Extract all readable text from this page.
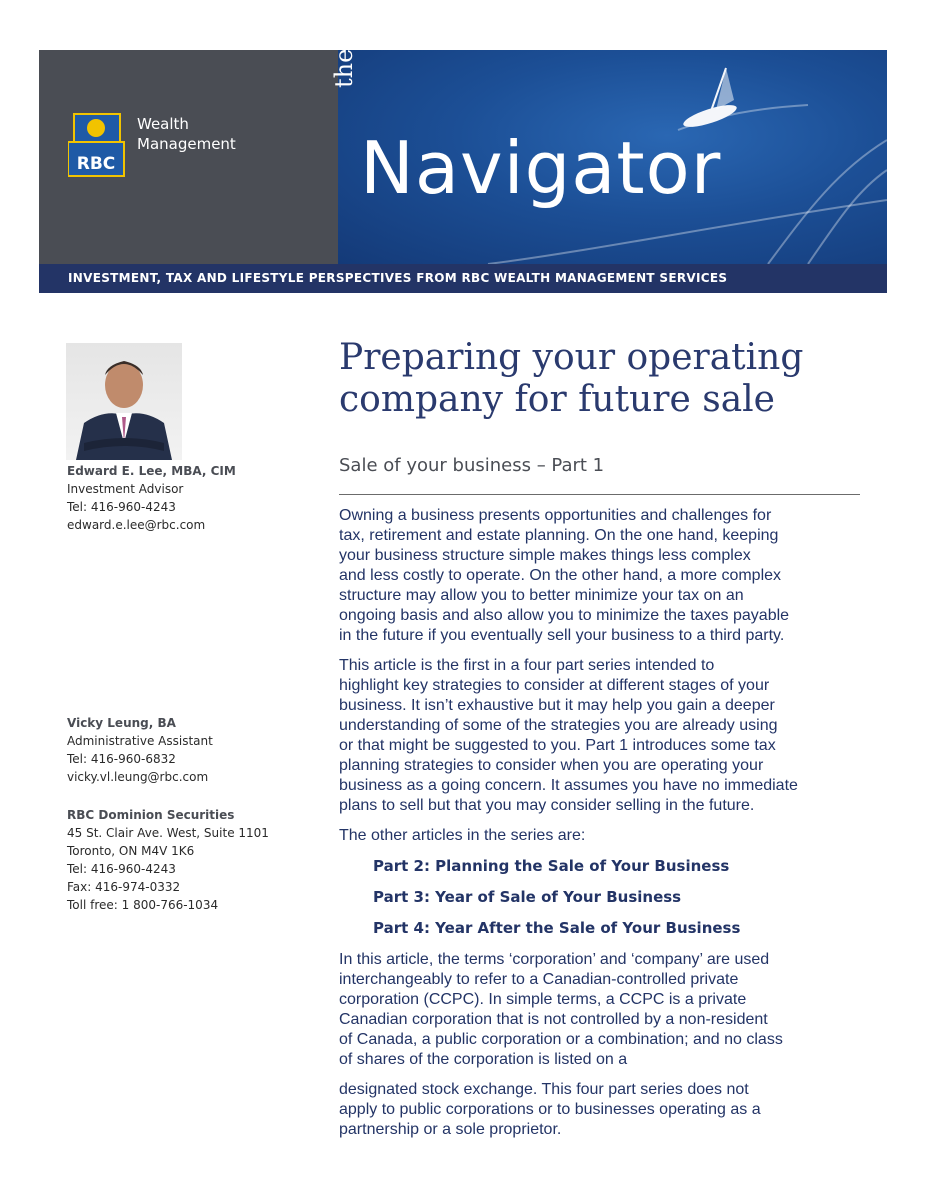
RBC
Wealth
Management
the
Navigator
INVESTMENT, TAX AND LIFESTYLE PERSPECTIVES FROM RBC WEALTH MANAGEMENT SERVICES
Edward E. Lee, MBA, CIM
Investment Advisor
Tel: 416-960-4243
edward.e.lee@rbc.com
Vicky Leung, BA
Administrative Assistant
Tel: 416-960-6832
vicky.vl.leung@rbc.com
RBC Dominion Securities
45 St. Clair Ave. West, Suite 1101
Toronto, ON M4V 1K6
Tel: 416-960-4243
Fax: 416-974-0332
Toll free: 1 800-766-1034
Preparing your operating
company for future sale
Sale of your business – Part 1
Owning a business presents opportunities and challenges for
tax, retirement and estate planning. On the one hand, keeping
your business structure simple makes things less complex
and less costly to operate. On the other hand, a more complex
structure may allow you to better minimize your tax on an
ongoing basis and also allow you to minimize the taxes payable
in the future if you eventually sell your business to a third party.
This article is the first in a four part series intended to
highlight key strategies to consider at different stages of your
business. It isn’t exhaustive but it may help you gain a deeper
understanding of some of the strategies you are already using
or that might be suggested to you. Part 1 introduces some tax
planning strategies to consider when you are operating your
business as a going concern. It assumes you have no immediate
plans to sell but that you may consider selling in the future.
The other articles in the series are:
Part 2: Planning the Sale of Your Business
Part 3: Year of Sale of Your Business
Part 4: Year After the Sale of Your Business
In this article, the terms ‘corporation’ and ‘company’ are used
interchangeably to refer to a Canadian-controlled private
corporation (CCPC). In simple terms, a CCPC is a private
Canadian corporation that is not controlled by a non-resident
of Canada, a public corporation or a combination; and no class
of shares of the corporation is listed on a
designated stock exchange. This four part series does not
apply to public corporations or to businesses operating as a
partnership or a sole proprietor.
